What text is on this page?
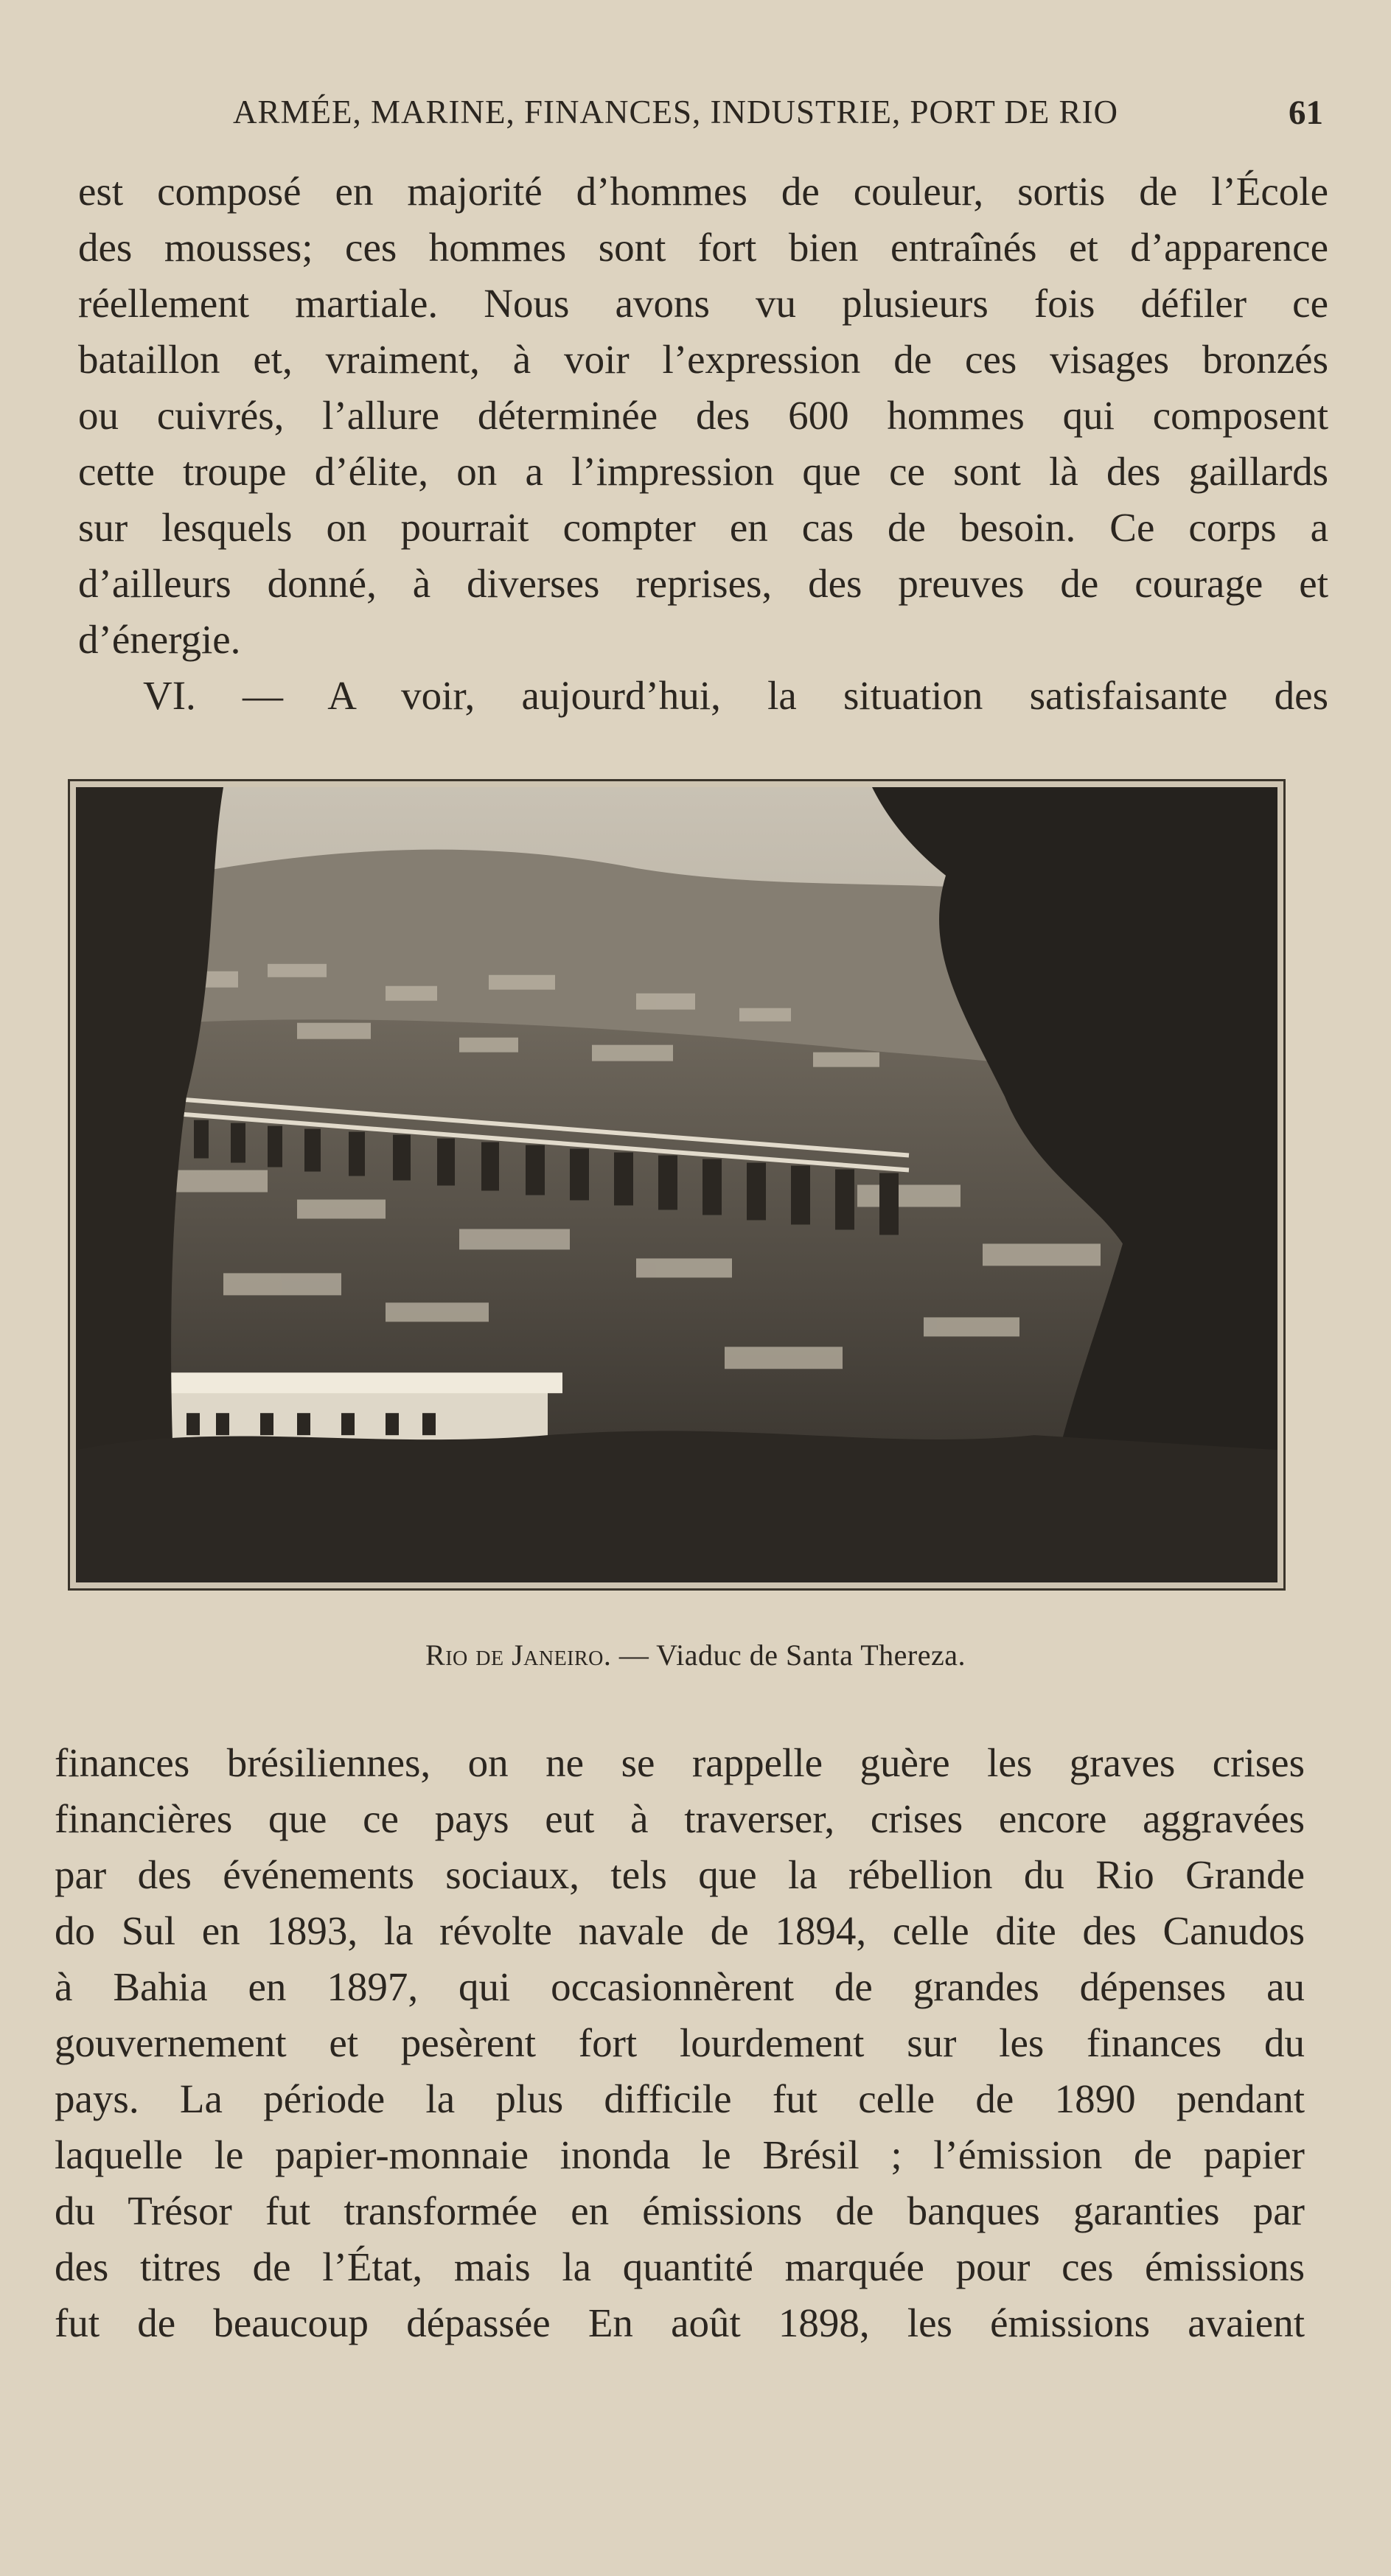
ARMÉE, MARINE, FINANCES, INDUSTRIE, PORT DE RIO	61
est composé en majorité d’hommes de couleur, sortis de l’École
des mousses; ces hommes sont fort bien entraînés et d’apparence
réellement martiale. Nous avons vu plusieurs fois défiler ce
bataillon et, vraiment, à voir l’expression de ces visages bronzés
ou cuivrés, l’allure déterminée des 600 hommes qui composent
cette troupe d’élite, on a l’impression que ce sont là des gaillards
sur lesquels on pourrait compter en cas de besoin. Ce corps a
d’ailleurs donné, à diverses reprises, des preuves de courage et
d’énergie.
VI. — A voir, aujourd’hui, la situation satisfaisante des
Rio de Janeiro. — Viaduc de Santa Thereza.
finances brésiliennes, on ne se rappelle guère les graves crises
financières que ce pays eut à traverser, crises encore aggravées
par des événements sociaux, tels que la rébellion du Rio Grande
do Sul en 1893, la révolte navale de 1894, celle dite des Canudos
à Bahia en 1897, qui occasionnèrent de grandes dépenses au
gouvernement et pesèrent fort lourdement sur les finances du
pays. La période la plus difficile fut celle de 1890 pendant
laquelle le papier-monnaie inonda le Brésil ; l’émission de papier
du Trésor fut transformée en émissions de banques garanties par
des titres de l’État, mais la quantité marquée pour ces émissions
fut de beaucoup dépassée En août 1898, les émissions avaient
